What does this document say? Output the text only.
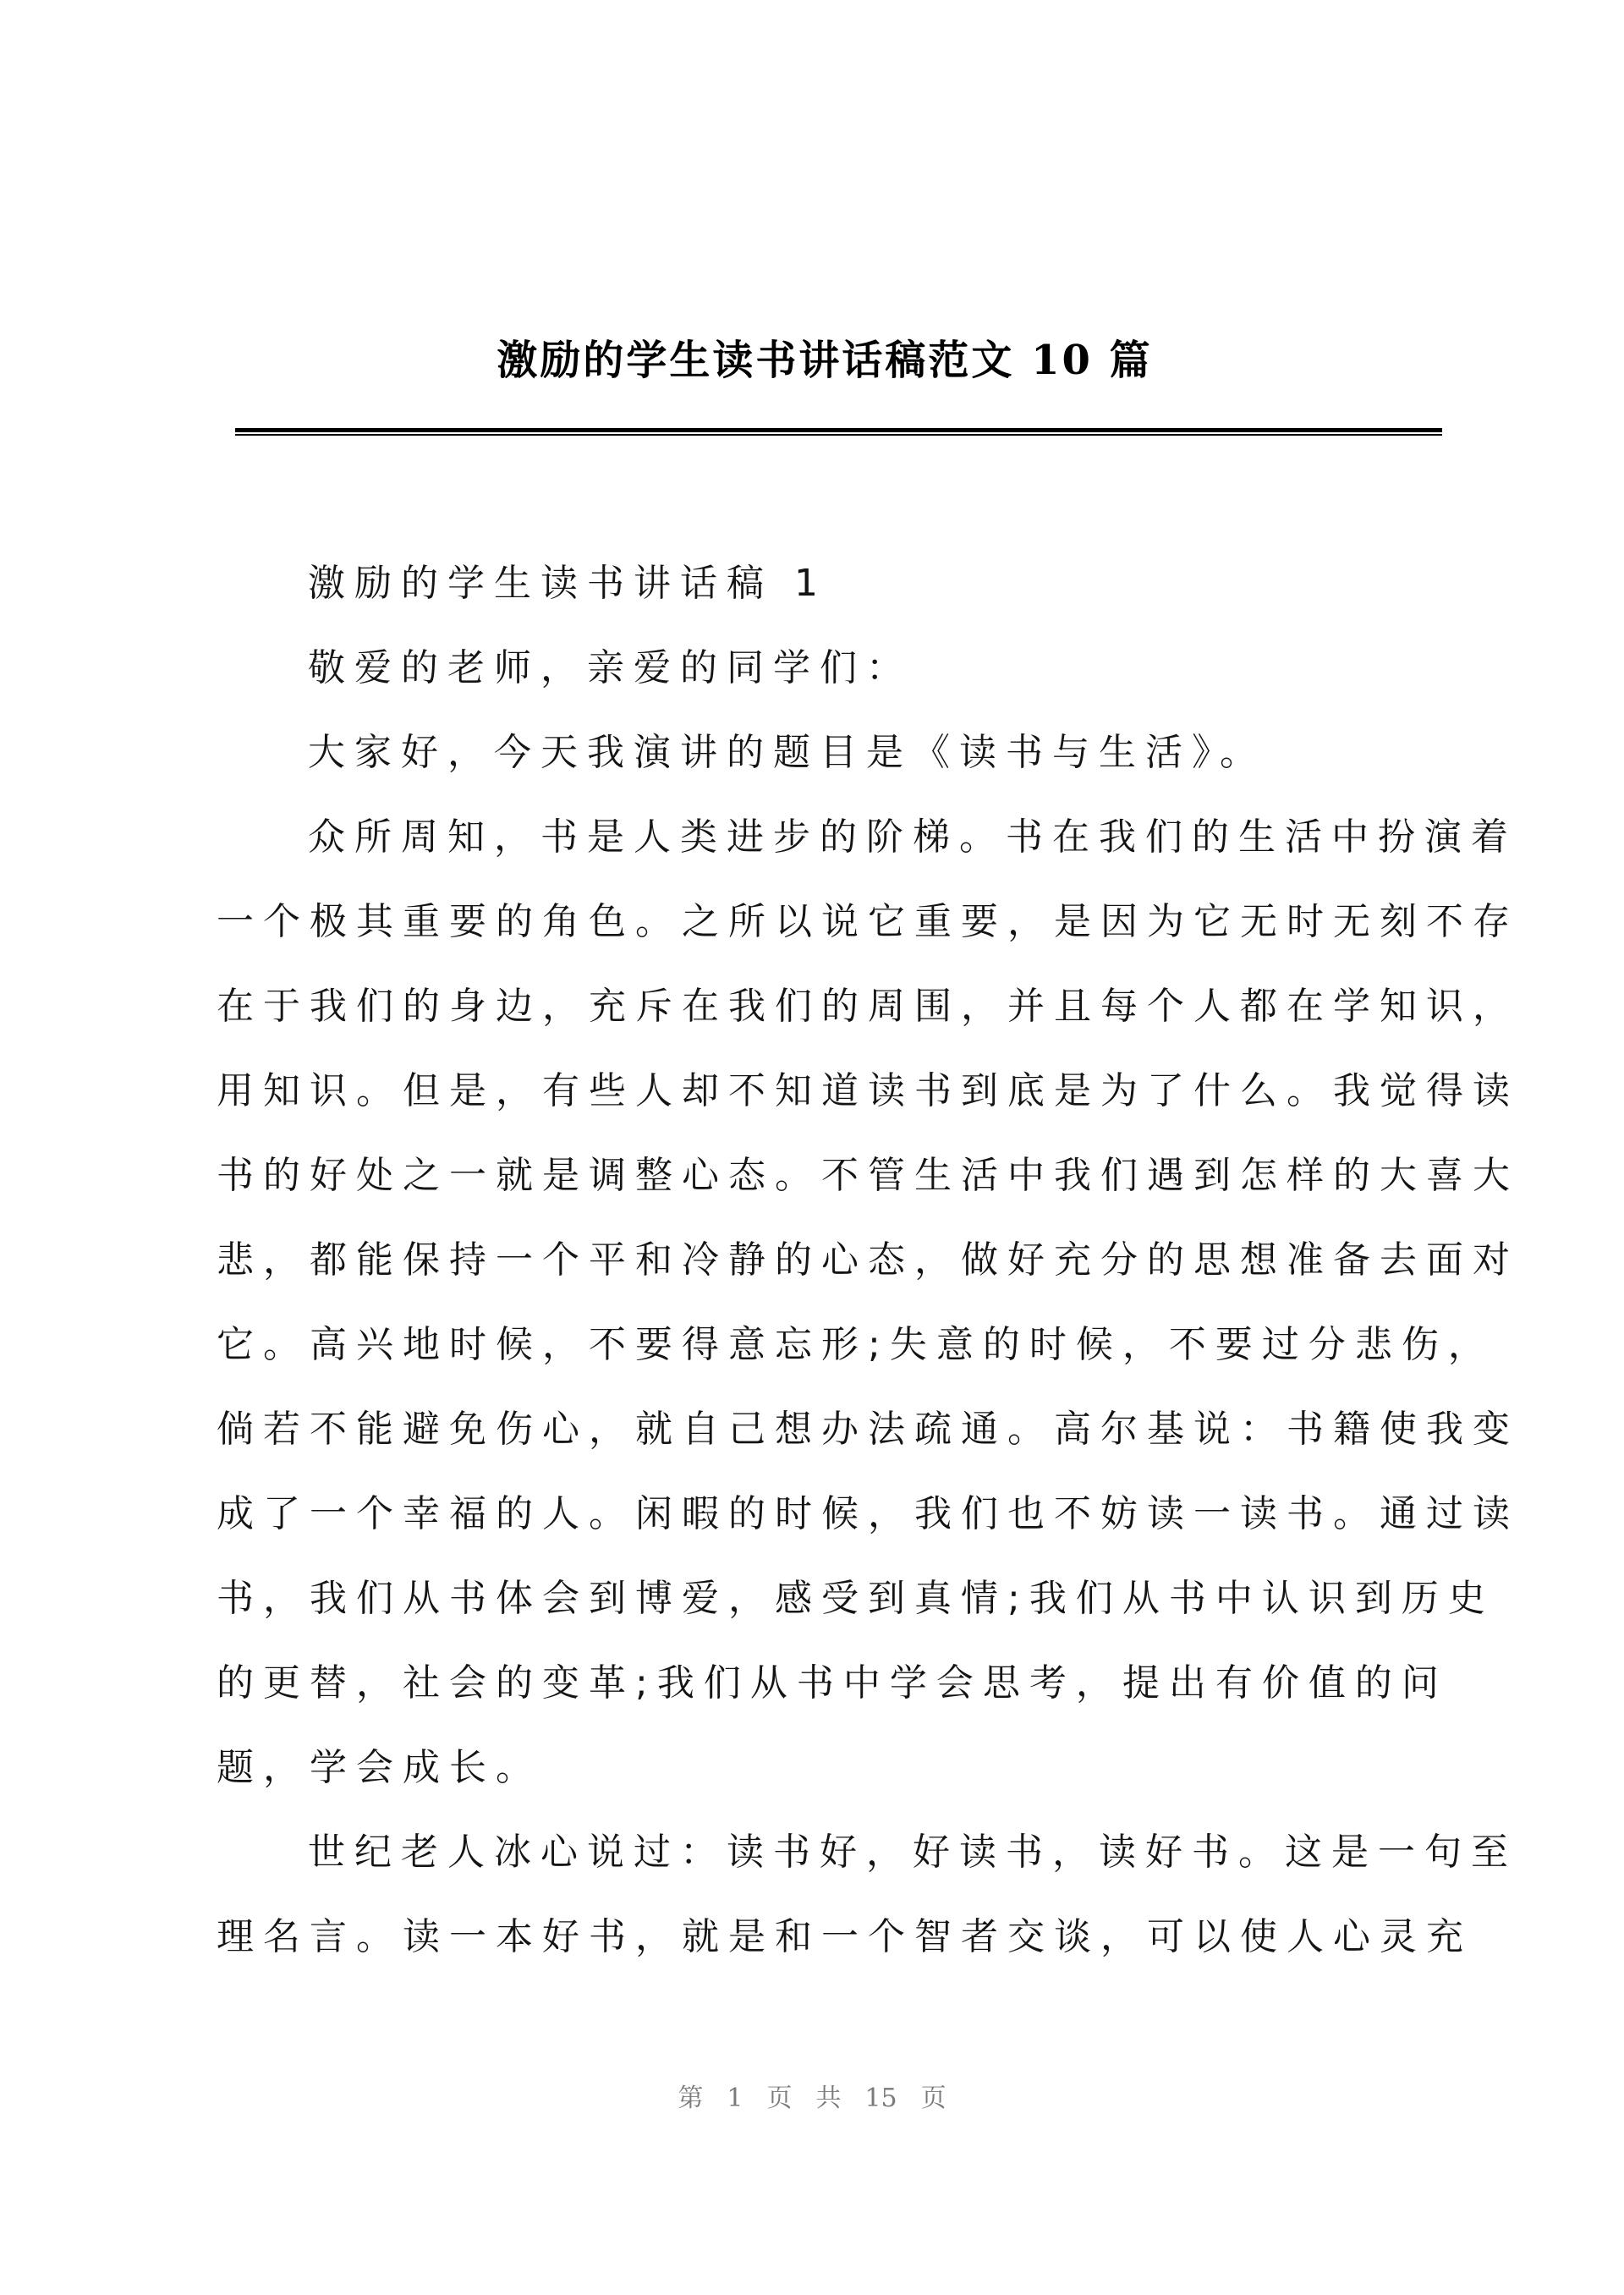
激励的学生读书讲话稿范文 10 篇
激励的学生读书讲话稿 1
敬爱的老师，亲爱的同学们：
大家好，今天我演讲的题目是《读书与生活》。
众所周知，书是人类进步的阶梯。书在我们的生活中扮演着
一个极其重要的角色。之所以说它重要，是因为它无时无刻不存
在于我们的身边，充斥在我们的周围，并且每个人都在学知识，
用知识。但是，有些人却不知道读书到底是为了什么。我觉得读
书的好处之一就是调整心态。不管生活中我们遇到怎样的大喜大
悲，都能保持一个平和冷静的心态，做好充分的思想准备去面对
它。高兴地时候，不要得意忘形;失意的时候，不要过分悲伤，
倘若不能避免伤心，就自己想办法疏通。高尔基说：书籍使我变
成了一个幸福的人。闲暇的时候，我们也不妨读一读书。通过读
书，我们从书体会到博爱，感受到真情;我们从书中认识到历史
的更替，社会的变革;我们从书中学会思考，提出有价值的问
题，学会成长。
世纪老人冰心说过：读书好，好读书，读好书。这是一句至
理名言。读一本好书，就是和一个智者交谈，可以使人心灵充
第 1 页 共 15 页
